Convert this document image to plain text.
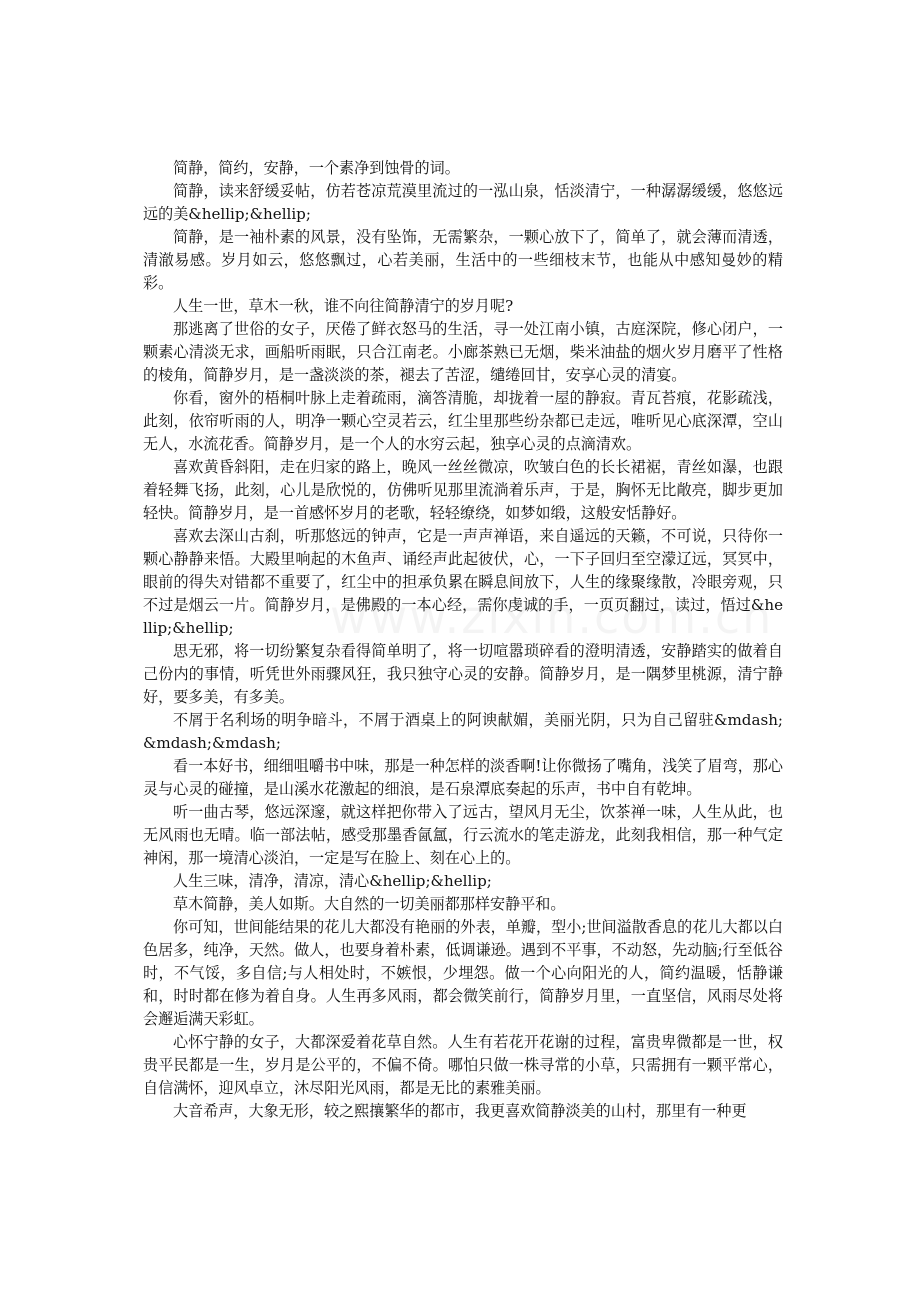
简静，简约，安静，一个素净到蚀骨的词。

简静，读来舒缓妥帖，仿若苍凉荒漠里流过的一泓山泉，恬淡清宁，一种潺潺缓缓，悠悠远远的美&hellip;&hellip;

简静，是一袖朴素的风景，没有坠饰，无需繁杂，一颗心放下了，简单了，就会薄而清透，清澈易感。岁月如云，悠悠飘过，心若美丽，生活中的一些细枝末节，也能从中感知曼妙的精彩。

人生一世，草木一秋，谁不向往简静清宁的岁月呢?

那逃离了世俗的女子，厌倦了鲜衣怒马的生活，寻一处江南小镇，古庭深院，修心闭户，一颗素心清淡无求，画船听雨眠，只合江南老。小廊茶熟已无烟，柴米油盐的烟火岁月磨平了性格的棱角，简静岁月，是一盏淡淡的茶，褪去了苦涩，缱绻回甘，安享心灵的清宴。

你看，窗外的梧桐叶脉上走着疏雨，滴答清脆，却拢着一屋的静寂。青瓦苔痕，花影疏浅，此刻，依帘听雨的人，明净一颗心空灵若云，红尘里那些纷杂都已走远，唯听见心底深潭，空山无人，水流花香。简静岁月，是一个人的水穷云起，独享心灵的点滴清欢。

喜欢黄昏斜阳，走在归家的路上，晚风一丝丝微凉，吹皱白色的长长裙裾，青丝如瀑，也跟着轻舞飞扬，此刻，心儿是欣悦的，仿佛听见那里流淌着乐声，于是，胸怀无比敞亮，脚步更加轻快。简静岁月，是一首感怀岁月的老歌，轻轻缭绕，如梦如缎，这般安恬静好。

喜欢去深山古刹，听那悠远的钟声，它是一声声禅语，来自遥远的天籁，不可说，只待你一颗心静静来悟。大殿里响起的木鱼声、诵经声此起彼伏，心，一下子回归至空濛辽远，冥冥中，眼前的得失对错都不重要了，红尘中的担承负累在瞬息间放下，人生的缘聚缘散，冷眼旁观，只不过是烟云一片。简静岁月，是佛殿的一本心经，需你虔诚的手，一页页翻过，读过，悟过&hellip;&hellip;

思无邪，将一切纷繁复杂看得简单明了，将一切喧嚣琐碎看的澄明清透，安静踏实的做着自己份内的事情，听凭世外雨骤风狂，我只独守心灵的安静。简静岁月，是一隅梦里桃源，清宁静好，要多美，有多美。

不屑于名利场的明争暗斗，不屑于酒桌上的阿谀献媚，美丽光阴，只为自己留驻&mdash;&mdash;&mdash;

看一本好书，细细咀嚼书中味，那是一种怎样的淡香啊!让你微扬了嘴角，浅笑了眉弯，那心灵与心灵的碰撞，是山溪水花激起的细浪，是石泉潭底奏起的乐声，书中自有乾坤。

听一曲古琴，悠远深邃，就这样把你带入了远古，望风月无尘，饮茶禅一味，人生从此，也无风雨也无晴。临一部法帖，感受那墨香氤氲，行云流水的笔走游龙，此刻我相信，那一种气定神闲，那一境清心淡泊，一定是写在脸上、刻在心上的。

人生三味，清净，清凉，清心&hellip;&hellip;

草木简静，美人如斯。大自然的一切美丽都那样安静平和。

你可知，世间能结果的花儿大都没有艳丽的外表，单瓣，型小;世间溢散香息的花儿大都以白色居多，纯净，天然。做人，也要身着朴素，低调谦逊。遇到不平事，不动怒，先动脑;行至低谷时，不气馁，多自信;与人相处时，不嫉恨，少埋怨。做一个心向阳光的人，简约温暖，恬静谦和，时时都在修为着自身。人生再多风雨，都会微笑前行，简静岁月里，一直坚信，风雨尽处将会邂逅满天彩虹。

心怀宁静的女子，大都深爱着花草自然。人生有若花开花谢的过程，富贵卑微都是一世，权贵平民都是一生，岁月是公平的，不偏不倚。哪怕只做一株寻常的小草，只需拥有一颗平常心，自信满怀，迎风卓立，沐尽阳光风雨，都是无比的素雅美丽。

大音希声，大象无形，较之熙攘繁华的都市，我更喜欢简静淡美的山村，那里有一种更
